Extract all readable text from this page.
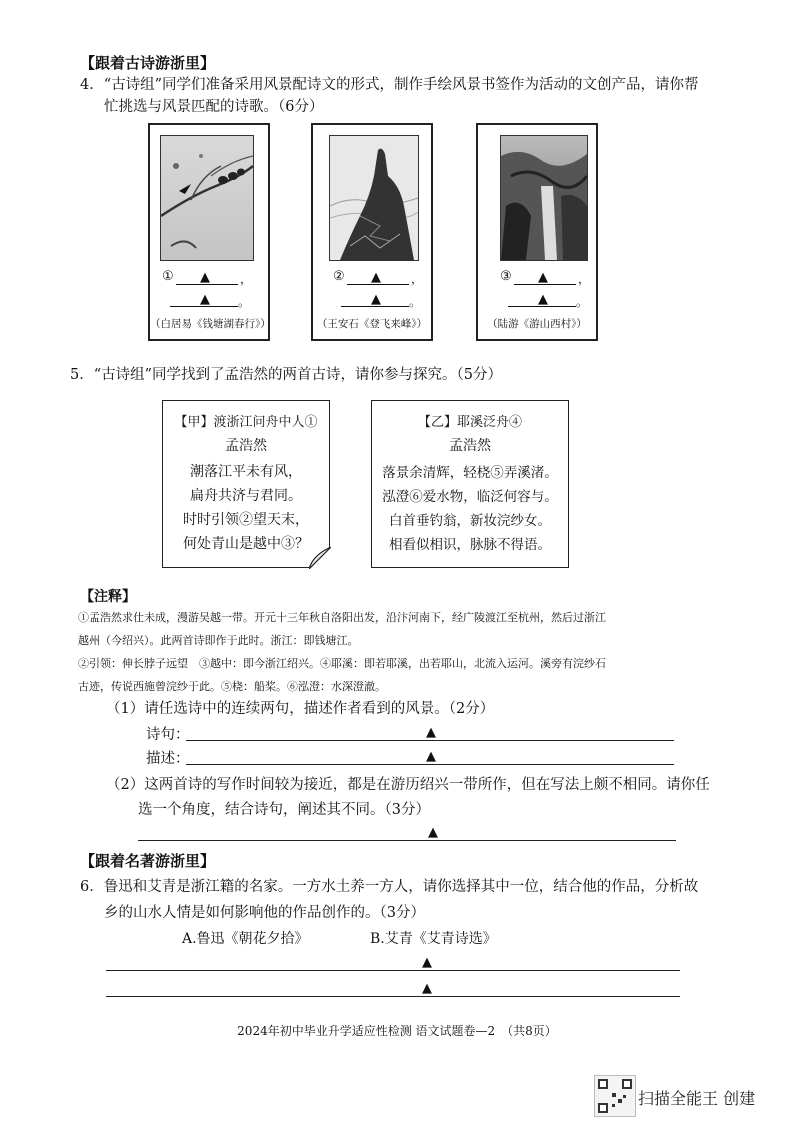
【跟着古诗游浙里】
4．“古诗组”同学们准备采用风景配诗文的形式，制作手绘风景书签作为活动的文创产品，请你帮
忙挑选与风景匹配的诗歌。（6分）
① ▲	，
▲ 。
（白居易《钱塘湖春行》）
② ▲	，
▲ 。
（王安石《登飞来峰》）
③ ▲	，
▲ 。
（陆游《游山西村》）
5．“古诗组”同学找到了孟浩然的两首古诗，请你参与探究。（5分）
【甲】渡浙江问舟中人①
孟浩然
潮落江平未有风，
扁舟共济与君同。
时时引领②望天末，
何处青山是越中③？
【乙】耶溪泛舟④
孟浩然
落景余清辉，轻桡⑤弄溪渚。
泓澄⑥爱水物，临泛何容与。
白首垂钓翁，新妆浣纱女。
相看似相识，脉脉不得语。
【注释】
①孟浩然求仕未成，漫游吴越一带。开元十三年秋自洛阳出发，沿汴河南下，经广陵渡江至杭州，然后过浙江
越州（今绍兴）。此两首诗即作于此时。浙江：即钱塘江。
②引领：伸长脖子远望　③越中：即今浙江绍兴。④耶溪：即若耶溪，出若耶山，北流入运河。溪旁有浣纱石
古迹，传说西施曾浣纱于此。⑤桡：船桨。⑥泓澄：水深澄澈。
（1）请任选诗中的连续两句，描述作者看到的风景。（2分）
诗句：	▲
描述：	▲
（2）这两首诗的写作时间较为接近，都是在游历绍兴一带所作，但在写法上颇不相同。请你任
选一个角度，结合诗句，阐述其不同。（3分）
▲
【跟着名著游浙里】
6．鲁迅和艾青是浙江籍的名家。一方水土养一方人，请你选择其中一位，结合他的作品，分析故
乡的山水人情是如何影响他的作品创作的。（3分）
A.鲁迅《朝花夕拾》	B.艾青《艾青诗选》
▲
▲
2024年初中毕业升学适应性检测 语文试题卷—2　（共8页）
扫描全能王 创建
